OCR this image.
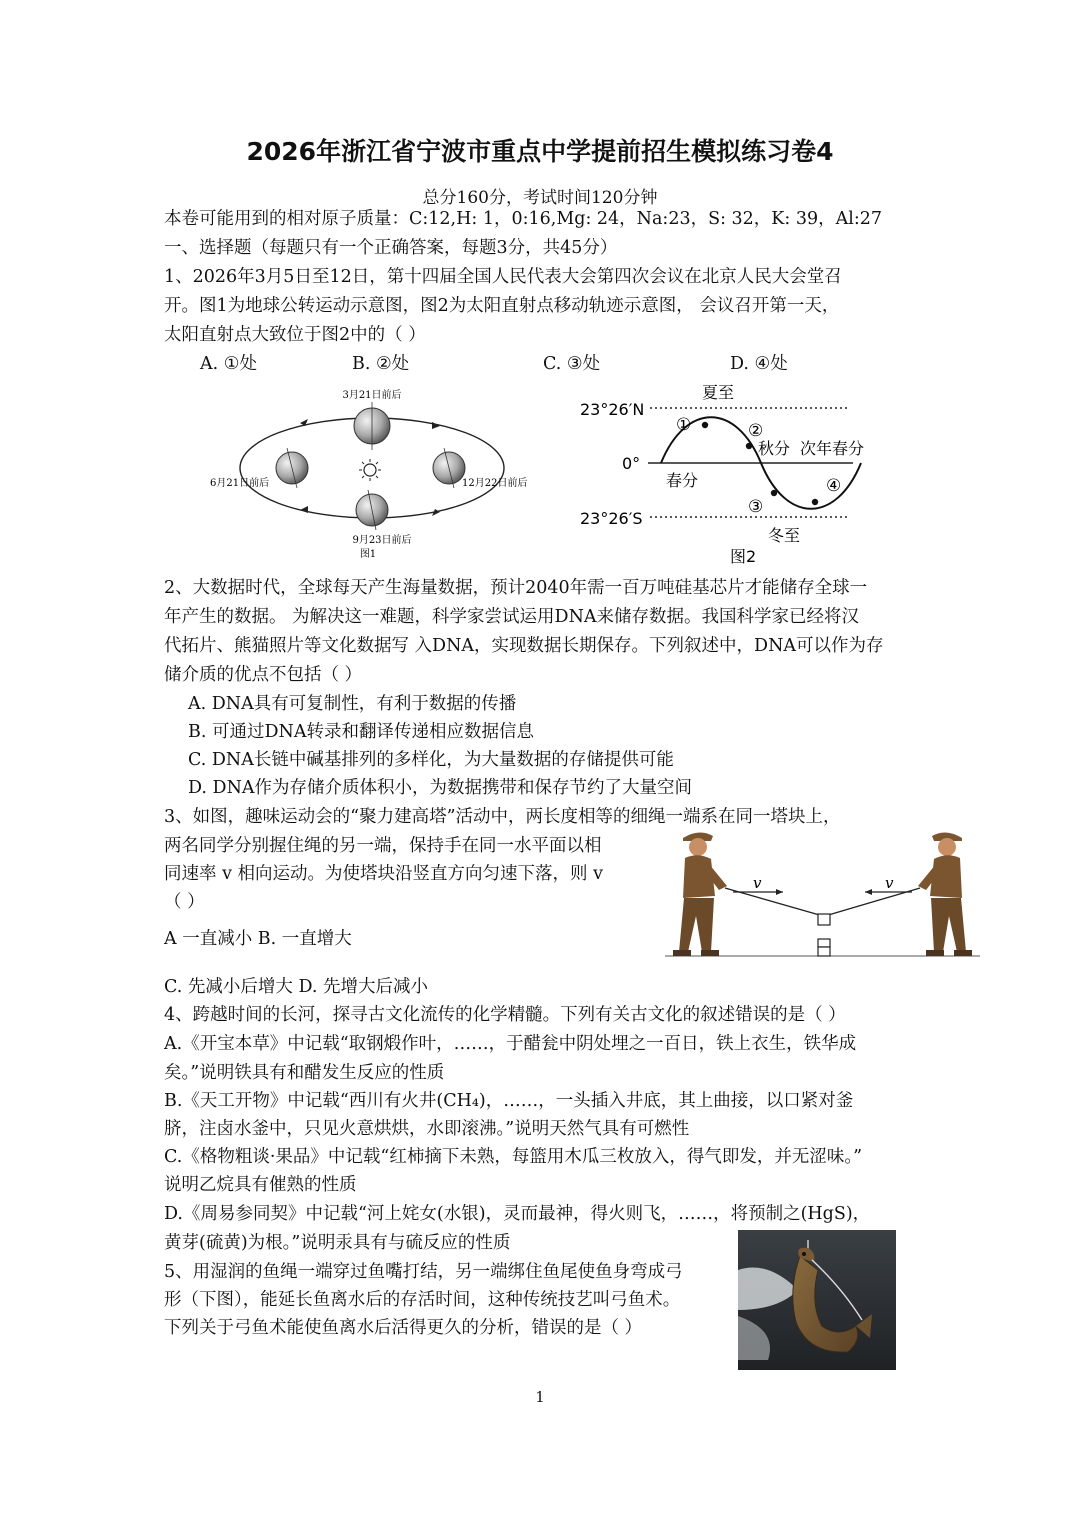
2026年浙江省宁波市重点中学提前招生模拟练习卷4
总分160分，考试时间120分钟
本卷可能用到的相对原子质量：C:12,H: 1，0:16,Mg: 24，Na:23，S: 32，K: 39，Al:27
一、选择题（每题只有一个正确答案，每题3分，共45分）
1、2026年3月5日至12日，第十四届全国人民代表大会第四次会议在北京人民大会堂召
开。图1为地球公转运动示意图，图2为太阳直射点移动轨迹示意图， 会议召开第一天，
太阳直射点大致位于图2中的（ ）
A. ①处	B. ②处	C. ③处	D. ④处
3月21日前后
6月21日前后	12月22日前后
9月23日前后
图1
23°26′N
0°
23°26′S
夏至
秋分 次年春分
春分
冬至
①	②
③
④
图2
2、大数据时代，全球每天产生海量数据，预计2040年需一百万吨硅基芯片才能储存全球一
年产生的数据。 为解决这一难题，科学家尝试运用DNA来储存数据。我国科学家已经将汉
代拓片、熊猫照片等文化数据写 入DNA，实现数据长期保存。下列叙述中，DNA可以作为存
储介质的优点不包括（ ）
A. DNA具有可复制性，有利于数据的传播
B. 可通过DNA转录和翻译传递相应数据信息
C. DNA长链中碱基排列的多样化，为大量数据的存储提供可能
D. DNA作为存储介质体积小，为数据携带和保存节约了大量空间
3、如图，趣味运动会的“聚力建高塔”活动中，两长度相等的细绳一端系在同一塔块上，
两名同学分别握住绳的另一端，保持手在同一水平面以相
同速率 v 相向运动。为使塔块沿竖直方向匀速下落，则 v
（ ）
A 一直减小 B. 一直增大
v	v
C. 先减小后增大 D. 先增大后减小
4、跨越时间的长河，探寻古文化流传的化学精髓。下列有关古文化的叙述错误的是（ ）
A.《开宝本草》中记载“取钢煅作叶，……，于醋瓮中阴处埋之一百日，铁上衣生，铁华成
矣。”说明铁具有和醋发生反应的性质
B.《天工开物》中记载“西川有火井(CH₄)，……，一头插入井底，其上曲接，以口紧对釜
脐，注卤水釜中，只见火意烘烘，水即滚沸。”说明天然气具有可燃性
C.《格物粗谈·果品》中记载“红柿摘下未熟，每篮用木瓜三枚放入，得气即发，并无涩味。”
说明乙烷具有催熟的性质
D.《周易参同契》中记载“河上姹女(水银)，灵而最神，得火则飞，……，将预制之(HgS)，
黄芽(硫黄)为根。”说明汞具有与硫反应的性质
5、用湿润的鱼绳一端穿过鱼嘴打结，另一端绑住鱼尾使鱼身弯成弓
形（下图），能延长鱼离水后的存活时间，这种传统技艺叫弓鱼术。
下列关于弓鱼术能使鱼离水后活得更久的分析，错误的是（ ）
1
